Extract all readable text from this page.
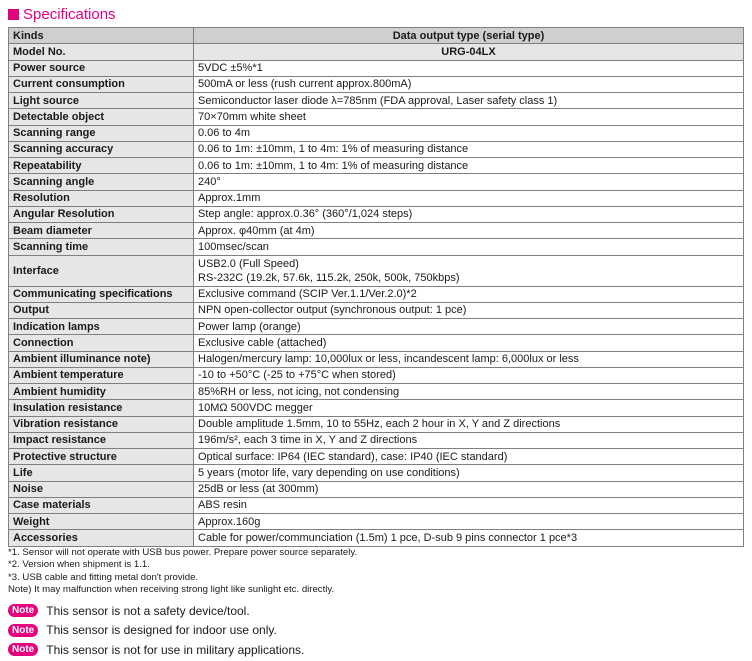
Specifications
Kinds	Data output type (serial type)
Model No.	URG-04LX
Power source	5VDC ±5%*1

Current consumption	500mA or less (rush current approx.800mA)

Light source	Semiconductor laser diode λ=785nm (FDA approval, Laser safety class 1)

Detectable object	70×70mm white sheet

Scanning range	0.06 to 4m

Scanning accuracy	0.06 to 1m: ±10mm, 1 to 4m: 1% of measuring distance

Repeatability	0.06 to 1m: ±10mm, 1 to 4m: 1% of measuring distance

Scanning angle	240°

Resolution	Approx.1mm

Angular Resolution	Step angle: approx.0.36° (360°/1,024 steps)

Beam diameter	Approx. φ40mm (at 4m)

Scanning time	100msec/scan

Interface	USB2.0 (Full Speed)
RS-232C (19.2k, 57.6k, 115.2k, 250k, 500k, 750kbps)

Communicating specifications	Exclusive command (SCIP Ver.1.1/Ver.2.0)*2

Output	NPN open-collector output (synchronous output: 1 pce)

Indication lamps	Power lamp (orange)

Connection	Exclusive cable (attached)

Ambient illuminance note)	Halogen/mercury lamp: 10,000lux or less, incandescent lamp: 6,000lux or less

Ambient temperature	-10 to +50°C (-25 to +75°C when stored)

Ambient humidity	85%RH or less, not icing, not condensing

Insulation resistance	10MΩ 500VDC megger

Vibration resistance	Double amplitude 1.5mm, 10 to 55Hz, each 2 hour in X, Y and Z directions

Impact resistance	196m/s², each 3 time in X, Y and Z directions

Protective structure	Optical surface: IP64 (IEC standard), case: IP40 (IEC standard)

Life	5 years (motor life, vary depending on use conditions)

Noise	25dB or less (at 300mm)

Case materials	ABS resin

Weight	Approx.160g

Accessories	Cable for power/communciation (1.5m) 1 pce, D-sub 9 pins connector 1 pce*3
*1. Sensor will not operate with USB bus power. Prepare power source separately.
*2. Version when shipment is 1.1.
*3. USB cable and fitting metal don't provide.
Note) It may malfunction when receiving strong light like sunlight etc. directly.
Note	This sensor is not a safety device/tool.
Note	This sensor is designed for indoor use only.
Note	This sensor is not for use in military applications.
